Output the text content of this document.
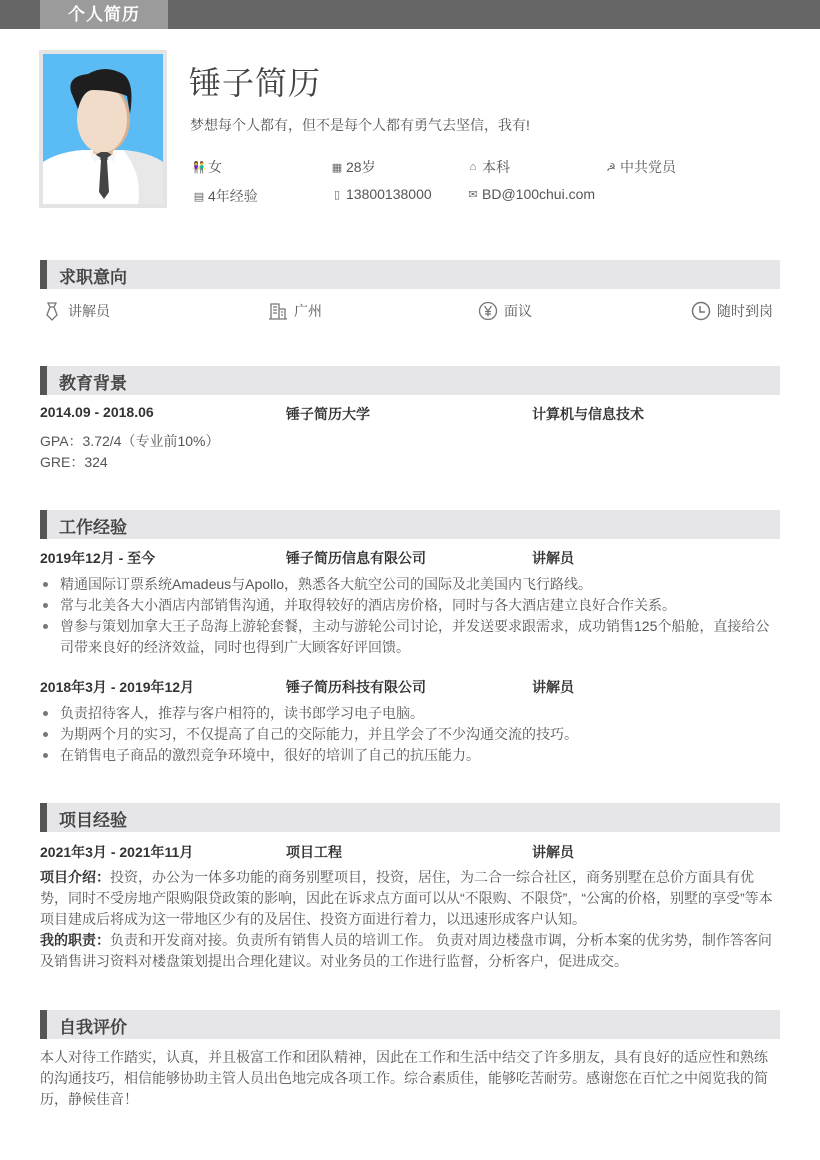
个人简历
锤子简历
梦想每个人都有，但不是每个人都有勇气去坚信，我有!
👫 女	▦ 28岁	⌂ 本科	☭ 中共党员
▤ 4年经验	▯ 13800138000	✉ BD@100chui.com
求职意向
讲解员	广州	面议	随时到岗
教育背景
2014.09 - 2018.06	锤子简历大学	计算机与信息技术
GPA：3.72/4（专业前10%）
GRE：324
工作经验
2019年12月 - 至今	锤子简历信息有限公司	讲解员
精通国际订票系统Amadeus与Apollo，熟悉各大航空公司的国际及北美国内飞行路线。
常与北美各大小酒店内部销售沟通，并取得较好的酒店房价格，同时与各大酒店建立良好合作关系。
曾参与策划加拿大王子岛海上游轮套餐，主动与游轮公司讨论，并发送要求跟需求，成功销售125个船舱，直接给公司带来良好的经济效益，同时也得到广大顾客好评回馈。
2018年3月 - 2019年12月	锤子简历科技有限公司	讲解员
负责招待客人，推荐与客户相符的，读书郎学习电子电脑。
为期两个月的实习，不仅提高了自己的交际能力，并且学会了不少沟通交流的技巧。
在销售电子商品的激烈竞争环境中，很好的培训了自己的抗压能力。
项目经验
2021年3月 - 2021年11月	项目工程	讲解员
项目介绍：投资，办公为一体多功能的商务别墅项目，投资，居住，为二合一综合社区，商务别墅在总价方面具有优势，同时不受房地产限购限贷政策的影响，因此在诉求点方面可以从“不限购、不限贷”，“公寓的价格，别墅的享受”等本项目建成后将成为这一带地区少有的及居住、投资方面进行着力，以迅速形成客户认知。
我的职责：负责和开发商对接。负责所有销售人员的培训工作。 负责对周边楼盘市调，分析本案的优劣势，制作答客问及销售讲习资料对楼盘策划提出合理化建议。对业务员的工作进行监督，分析客户，促进成交。
自我评价
本人对待工作踏实，认真，并且极富工作和团队精神，因此在工作和生活中结交了许多朋友，具有良好的适应性和熟练的沟通技巧，相信能够协助主管人员出色地完成各项工作。综合素质佳，能够吃苦耐劳。感谢您在百忙之中阅览我的简历，静候佳音！
